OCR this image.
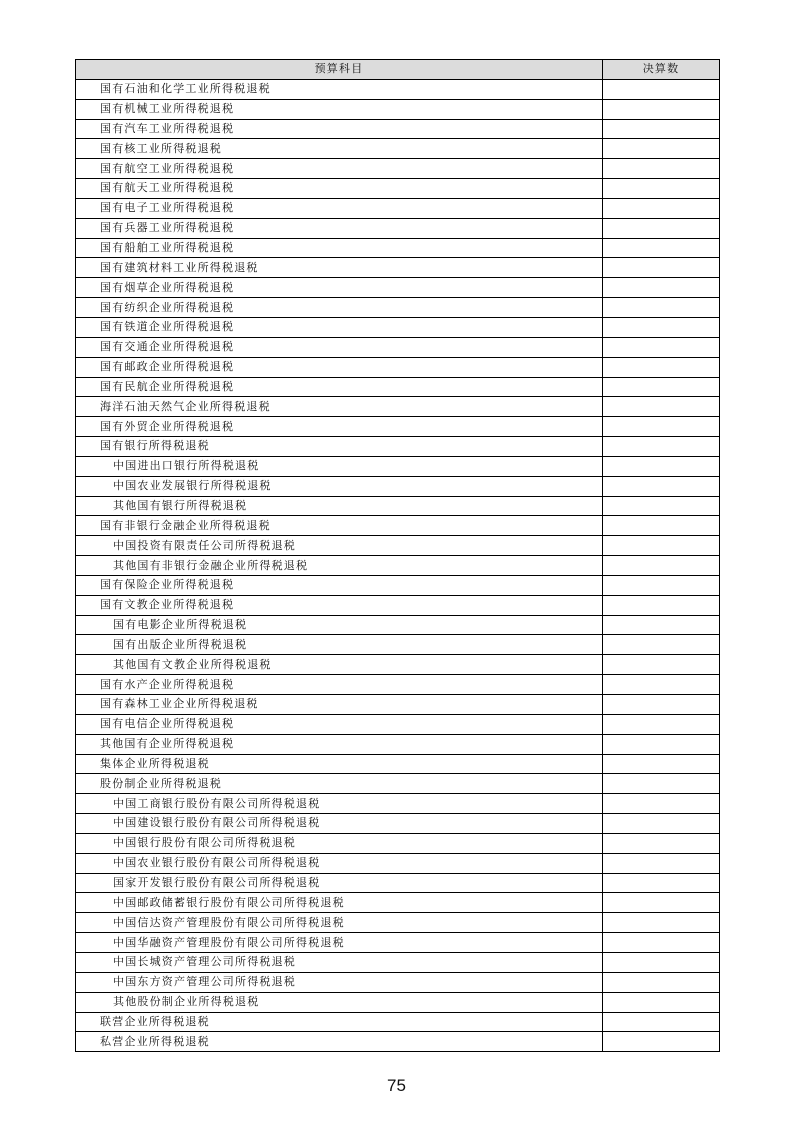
预算科目	决算数
国有石油和化学工业所得税退税	
国有机械工业所得税退税	
国有汽车工业所得税退税	
国有核工业所得税退税	
国有航空工业所得税退税	
国有航天工业所得税退税	
国有电子工业所得税退税	
国有兵器工业所得税退税	
国有船舶工业所得税退税	
国有建筑材料工业所得税退税	
国有烟草企业所得税退税	
国有纺织企业所得税退税	
国有铁道企业所得税退税	
国有交通企业所得税退税	
国有邮政企业所得税退税	
国有民航企业所得税退税	
海洋石油天然气企业所得税退税	
国有外贸企业所得税退税	
国有银行所得税退税	
中国进出口银行所得税退税	
中国农业发展银行所得税退税	
其他国有银行所得税退税	
国有非银行金融企业所得税退税	
中国投资有限责任公司所得税退税	
其他国有非银行金融企业所得税退税	
国有保险企业所得税退税	
国有文教企业所得税退税	
国有电影企业所得税退税	
国有出版企业所得税退税	
其他国有文教企业所得税退税	
国有水产企业所得税退税	
国有森林工业企业所得税退税	
国有电信企业所得税退税	
其他国有企业所得税退税	
集体企业所得税退税	
股份制企业所得税退税	
中国工商银行股份有限公司所得税退税	
中国建设银行股份有限公司所得税退税	
中国银行股份有限公司所得税退税	
中国农业银行股份有限公司所得税退税	
国家开发银行股份有限公司所得税退税	
中国邮政储蓄银行股份有限公司所得税退税	
中国信达资产管理股份有限公司所得税退税	
中国华融资产管理股份有限公司所得税退税	
中国长城资产管理公司所得税退税	
中国东方资产管理公司所得税退税	
其他股份制企业所得税退税	
联营企业所得税退税	
私营企业所得税退税	
75
